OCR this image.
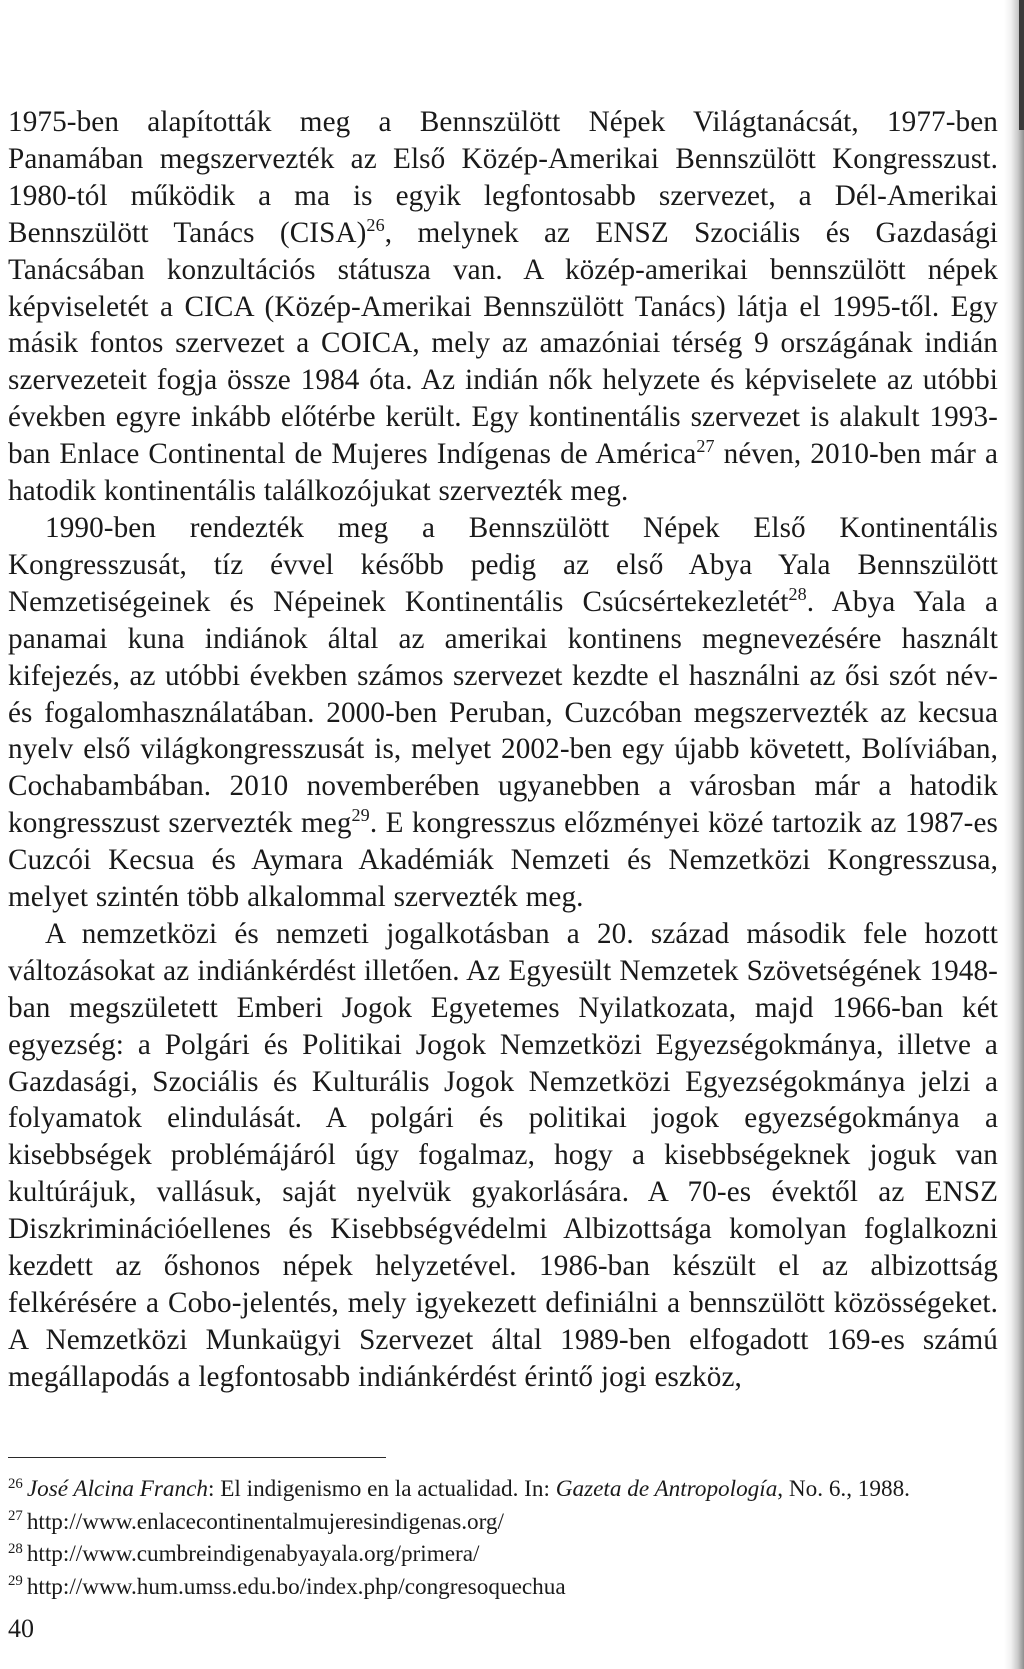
1975-ben alapították meg a Bennszülött Népek Világtanácsát, 1977-ben Panamában megszervezték az Első Közép-Amerikai Bennszülött Kongresszust. 1980-tól működik a ma is egyik legfontosabb szervezet, a Dél-Amerikai Bennszülött Tanács (CISA)$^{26}$, melynek az ENSZ Szociális és Gazdasági Tanácsában konzultációs státusza van. A közép-amerikai bennszülött népek képviseletét a CICA (Közép-Amerikai Bennszülött Tanács) látja el 1995-től. Egy másik fontos szervezet a COICA, mely az amazóniai térség 9 országának indián szervezeteit fogja össze 1984 óta. Az indián nők helyzete és képviselete az utóbbi években egyre inkább előtérbe került. Egy kontinentális szervezet is alakult 1993-ban Enlace Continental de Mujeres Indígenas de América$^{27}$ néven, 2010-ben már a hatodik kontinentális találkozójukat szervezték meg.

1990-ben rendezték meg a Bennszülött Népek Első Kontinentális Kongresszusát, tíz évvel később pedig az első Abya Yala Bennszülött Nemzetiségeinek és Népeinek Kontinentális Csúcsértekezletét$^{28}$. Abya Yala a panamai kuna indiánok által az amerikai kontinens megnevezésére használt kifejezés, az utóbbi években számos szervezet kezdte el használni az ősi szót név- és fogalomhasználatában. 2000-ben Peruban, Cuzcóban megszervezték az kecsua nyelv első világkongresszusát is, melyet 2002-ben egy újabb követett, Bolíviában, Cochabambában. 2010 novemberében ugyanebben a városban már a hatodik kongresszust szervezték meg$^{29}$. E kongresszus előzményei közé tartozik az 1987-es Cuzcói Kecsua és Aymara Akadémiák Nemzeti és Nemzetközi Kongresszusa, melyet szintén több alkalommal szervezték meg.

A nemzetközi és nemzeti jogalkotásban a 20. század második fele hozott változásokat az indiánkérdést illetően. Az Egyesült Nemzetek Szövetségének 1948-ban megszületett Emberi Jogok Egyetemes Nyilatkozata, majd 1966-ban két egyezség: a Polgári és Politikai Jogok Nemzetközi Egyezségokmánya, illetve a Gazdasági, Szociális és Kulturális Jogok Nemzetközi Egyezségokmánya jelzi a folyamatok elindulását. A polgári és politikai jogok egyezségokmánya a kisebbségek problémájáról úgy fogalmaz, hogy a kisebbségeknek joguk van kultúrájuk, vallásuk, saját nyelvük gyakorlására. A 70-es évektől az ENSZ Diszkriminációellenes és Kisebbségvédelmi Albizottsága komolyan foglalkozni kezdett az őshonos népek helyzetével. 1986-ban készült el az albizottság felkérésére a Cobo-jelentés, mely igyekezett definiálni a bennszülött közösségeket. A Nemzetközi Munkaügyi Szervezet által 1989-ben elfogadott 169-es számú megállapodás a legfontosabb indiánkérdést érintő jogi eszköz,

$^{26}$ José Alcina Franch: El indigenismo en la actualidad. In: Gazeta de Antropología, No. 6., 1988.

$^{27}$ http://www.enlacecontinentalmujeresindigenas.org/

$^{28}$ http://www.cumbreindigenabyayala.org/primera/

$^{29}$ http://www.hum.umss.edu.bo/index.php/congresoquechua

40
